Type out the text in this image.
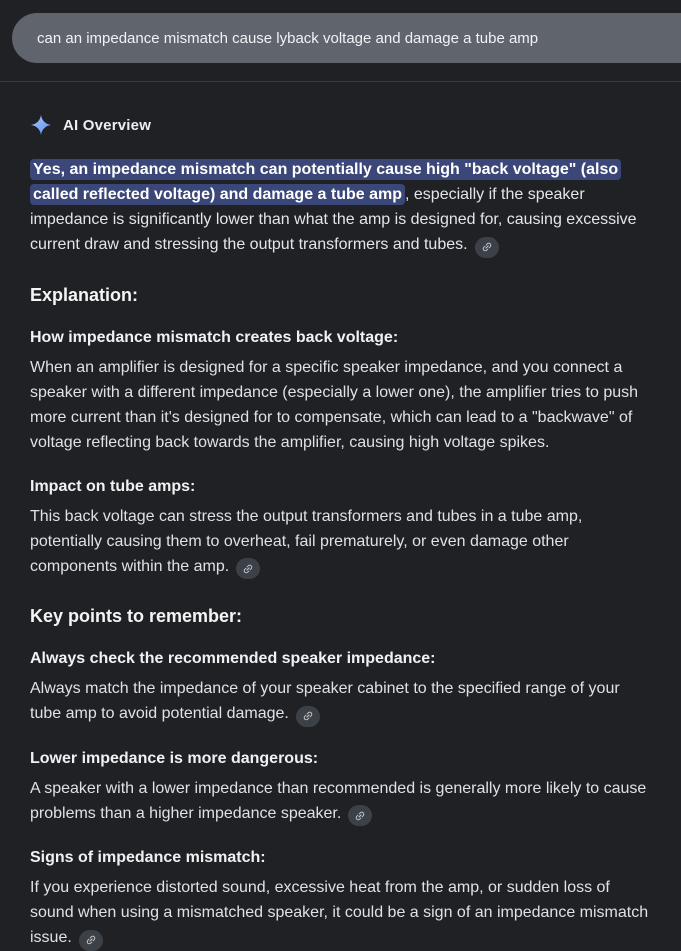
can an impedance mismatch cause lyback voltage and damage a tube amp
AI Overview

Yes, an impedance mismatch can potentially cause high "back voltage" (also called reflected voltage) and damage a tube amp , especially if the speaker impedance is significantly lower than what the amp is designed for, causing excessive current draw and stressing the output transformers and tubes.

Explanation:
How impedance mismatch creates back voltage:

When an amplifier is designed for a specific speaker impedance, and you connect a speaker with a different impedance (especially a lower one), the amplifier tries to push more current than it's designed for to compensate, which can lead to a "backwave" of voltage reflecting back towards the amplifier, causing high voltage spikes.

Impact on tube amps:

This back voltage can stress the output transformers and tubes in a tube amp, potentially causing them to overheat, fail prematurely, or even damage other components within the amp.

Key points to remember:
Always check the recommended speaker impedance:

Always match the impedance of your speaker cabinet to the specified range of your tube amp to avoid potential damage.

Lower impedance is more dangerous:

A speaker with a lower impedance than recommended is generally more likely to cause problems than a higher impedance speaker.

Signs of impedance mismatch:

If you experience distorted sound, excessive heat from the amp, or sudden loss of sound when using a mismatched speaker, it could be a sign of an impedance mismatch issue.
